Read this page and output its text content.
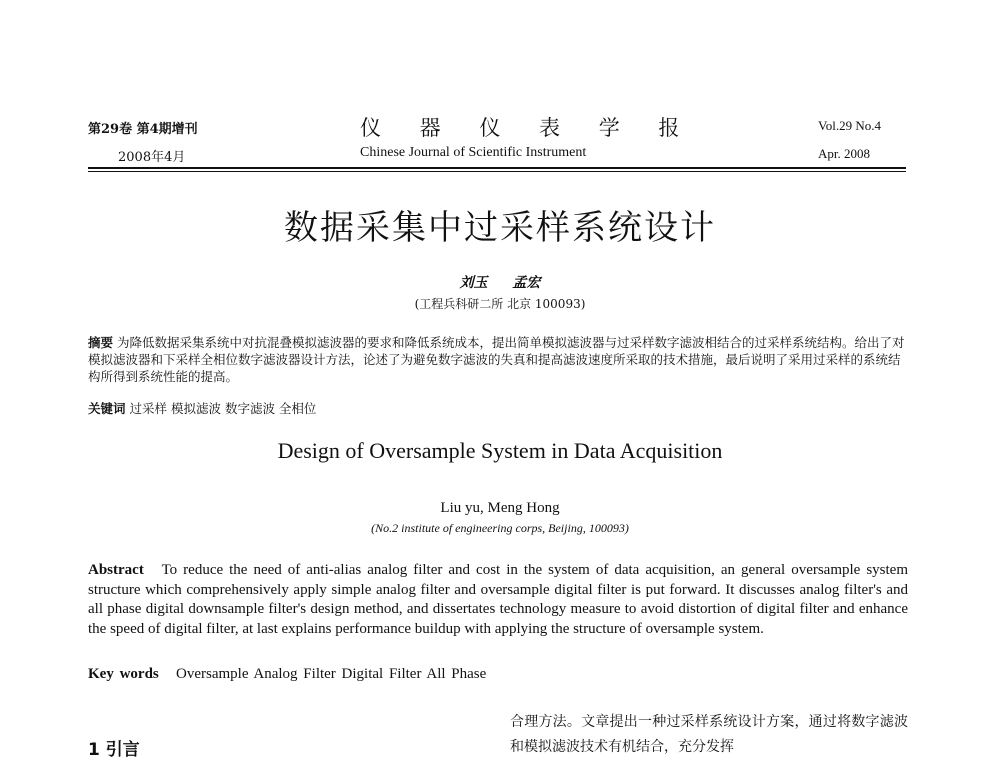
第29卷 第4期增刊
2008年4月
仪 器 仪 表 学 报
Chinese Journal of Scientific Instrument
Vol.29 No.4
Apr. 2008
数据采集中过采样系统设计
刘玉 孟宏
(工程兵科研二所 北京 100093)
摘要 为降低数据采集系统中对抗混叠模拟滤波器的要求和降低系统成本，提出简单模拟滤波器与过采样数字滤波相结合的过采样系统结构。给出了对模拟滤波器和下采样全相位数字滤波器设计方法，论述了为避免数字滤波的失真和提高滤波速度所采取的技术措施，最后说明了采用过采样的系统结构所得到系统性能的提高。
关键词 过采样 模拟滤波 数字滤波 全相位
Design of Oversample System in Data Acquisition
Liu yu, Meng Hong
(No.2 institute of engineering corps, Beijing, 100093)
Abstract To reduce the need of anti-alias analog filter and cost in the system of data acquisition, an general oversample system structure which comprehensively apply simple analog filter and oversample digital filter is put forward. It discusses analog filter's and all phase digital downsample filter's design method, and dissertates technology measure to avoid distortion of digital filter and enhance the speed of digital filter, at last explains performance buildup with applying the structure of oversample system.
Key words Oversample Analog Filter Digital Filter All Phase
1 引言
合理方法。文章提出一种过采样系统设计方案，通过将数字滤波和模拟滤波技术有机结合，充分发挥
